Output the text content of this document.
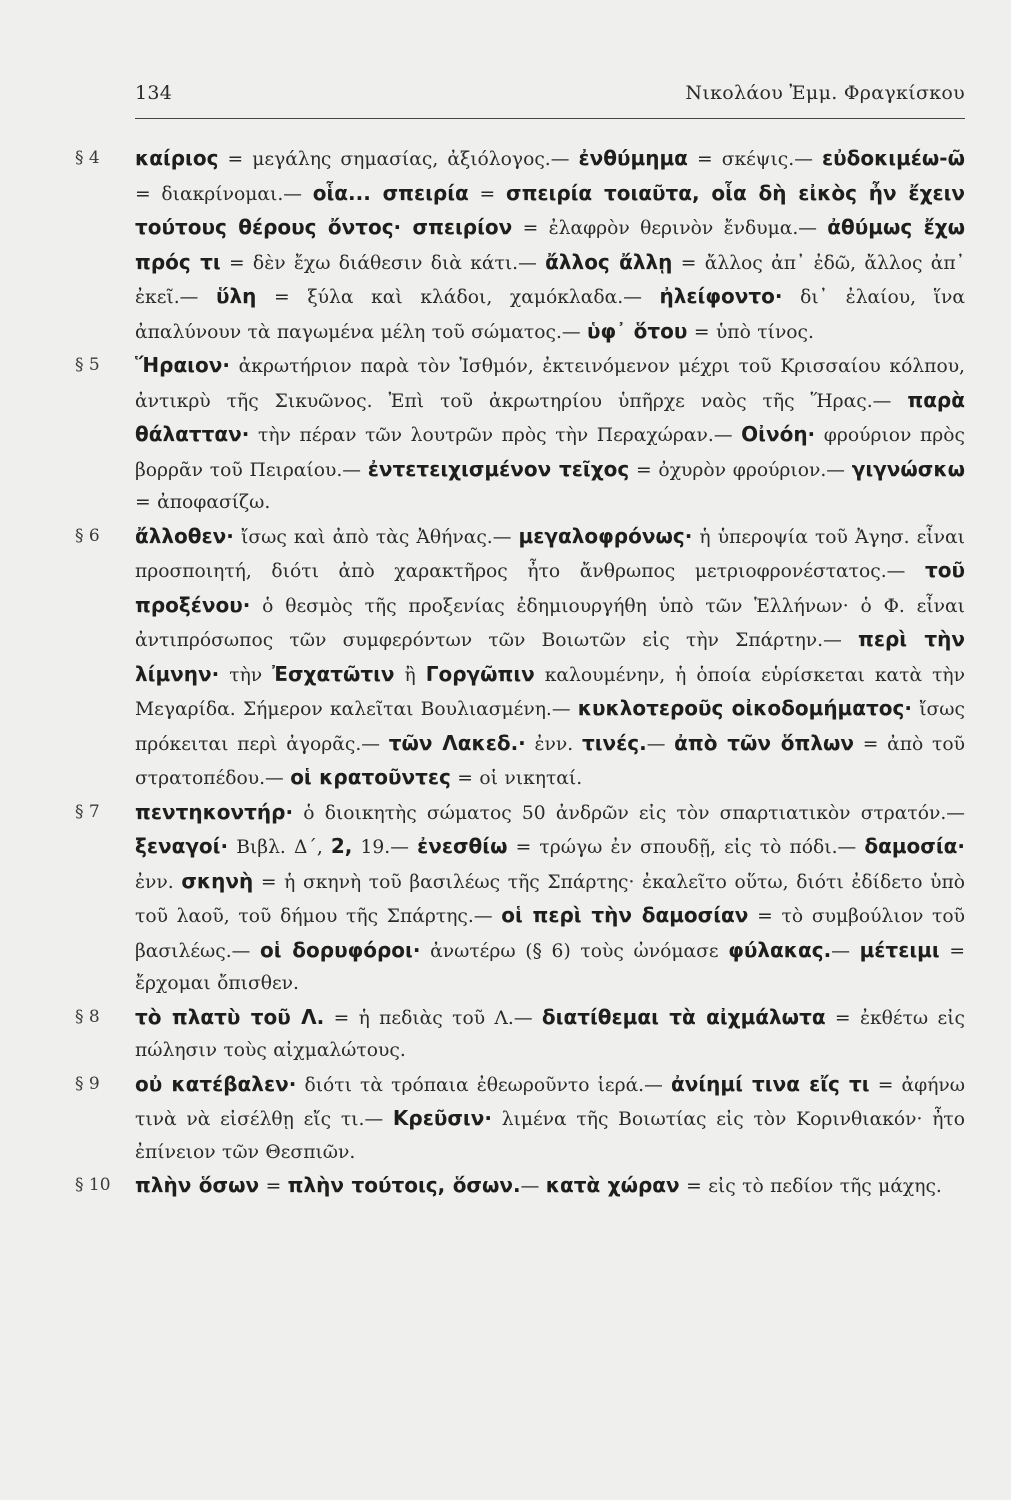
134	Νικολάου Ἐμμ. Φραγκίσκου
§ 4	καίριος = μεγάλης σημασίας, ἀξιόλογος.— ἐνθύμημα = σκέψις.— εὐδοκιμέω-ῶ = διακρίνομαι.— οἷα... σπειρία = σπειρία τοιαῦτα, οἷα δὴ εἰκὸς ἦν ἔχειν τούτους θέρους ὄντος· σπειρίον = ἐλαφρὸν θερινὸν ἔνδυμα.— ἀθύμως ἔχω πρός τι = δὲν ἔχω διάθεσιν διὰ κάτι.— ἄλλος ἄλλῃ = ἄλλος ἀπ᾽ ἐδῶ, ἄλλος ἀπ᾽ ἐκεῖ.— ὕλη = ξύλα καὶ κλάδοι, χαμόκλαδα.— ἠλείφοντο· δι᾽ ἐλαίου, ἵνα ἀπαλύνουν τὰ παγωμένα μέλη τοῦ σώματος.— ὑφ᾽ ὅτου = ὑπὸ τίνος.
§ 5	Ἥραιον· ἀκρωτήριον παρὰ τὸν Ἰσθμόν, ἐκτεινόμενον μέχρι τοῦ Κρισσαίου κόλπου, ἀντικρὺ τῆς Σικυῶνος. Ἐπὶ τοῦ ἀκρωτηρίου ὑπῆρχε ναὸς τῆς Ἥρας.— παρὰ θάλατταν· τὴν πέραν τῶν λουτρῶν πρὸς τὴν Περαχώραν.— Οἰνόη· φρούριον πρὸς βορρᾶν τοῦ Πειραίου.— ἐντετειχισμένον τεῖχος = ὀχυρὸν φρούριον.— γιγνώσκω = ἀποφασίζω.
§ 6	ἄλλοθεν· ἴσως καὶ ἀπὸ τὰς Ἀθήνας.— μεγαλοφρόνως· ἡ ὑπεροψία τοῦ Ἀγησ. εἶναι προσποιητή, διότι ἀπὸ χαρακτῆρος ἦτο ἄνθρωπος μετριοφρονέστατος.— τοῦ προξένου· ὁ θεσμὸς τῆς προξενίας ἐδημιουργήθη ὑπὸ τῶν Ἑλλήνων· ὁ Φ. εἶναι ἀντιπρόσωπος τῶν συμφερόντων τῶν Βοιωτῶν εἰς τὴν Σπάρτην.— περὶ τὴν λίμνην· τὴν Ἐσχατῶτιν ἢ Γοργῶπιν καλουμένην, ἡ ὁποία εὑρίσκεται κατὰ τὴν Μεγαρίδα. Σήμερον καλεῖται Βουλιασμένη.— κυκλοτεροῦς οἰκοδομήματος· ἴσως πρόκειται περὶ ἀγορᾶς.— τῶν Λακεδ.· ἐνν. τινές.— ἀπὸ τῶν ὅπλων = ἀπὸ τοῦ στρατοπέδου.— οἱ κρατοῦντες = οἱ νικηταί.
§ 7	πεντηκοντήρ· ὁ διοικητὴς σώματος 50 ἀνδρῶν εἰς τὸν σπαρτιατικὸν στρατόν.— ξεναγοί· Βιβλ. Δ΄, 2, 19.— ἐνεσθίω = τρώγω ἐν σπουδῇ, εἰς τὸ πόδι.— δαμοσία· ἐνν. σκηνὴ = ἡ σκηνὴ τοῦ βασιλέως τῆς Σπάρτης· ἐκαλεῖτο οὕτω, διότι ἐδίδετο ὑπὸ τοῦ λαοῦ, τοῦ δήμου τῆς Σπάρτης.— οἱ περὶ τὴν δαμοσίαν = τὸ συμβούλιον τοῦ βασιλέως.— οἱ δορυφόροι· ἀνωτέρω (§ 6) τοὺς ὠνόμασε φύλακας.— μέτειμι = ἔρχομαι ὄπισθεν.
§ 8	τὸ πλατὺ τοῦ Λ. = ἡ πεδιὰς τοῦ Λ.— διατίθεμαι τὰ αἰχμάλωτα = ἐκθέτω εἰς πώλησιν τοὺς αἰχμαλώτους.
§ 9	οὐ κατέβαλεν· διότι τὰ τρόπαια ἐθεωροῦντο ἱερά.— ἀνίημί τινα εἴς τι = ἀφήνω τινὰ νὰ εἰσέλθῃ εἴς τι.— Κρεῦσιν· λιμένα τῆς Βοιωτίας εἰς τὸν Κορινθιακόν· ἦτο ἐπίνειον τῶν Θεσπιῶν.
§ 10	πλὴν ὅσων = πλὴν τούτοις, ὅσων.— κατὰ χώραν = εἰς τὸ πεδίον τῆς μάχης.
